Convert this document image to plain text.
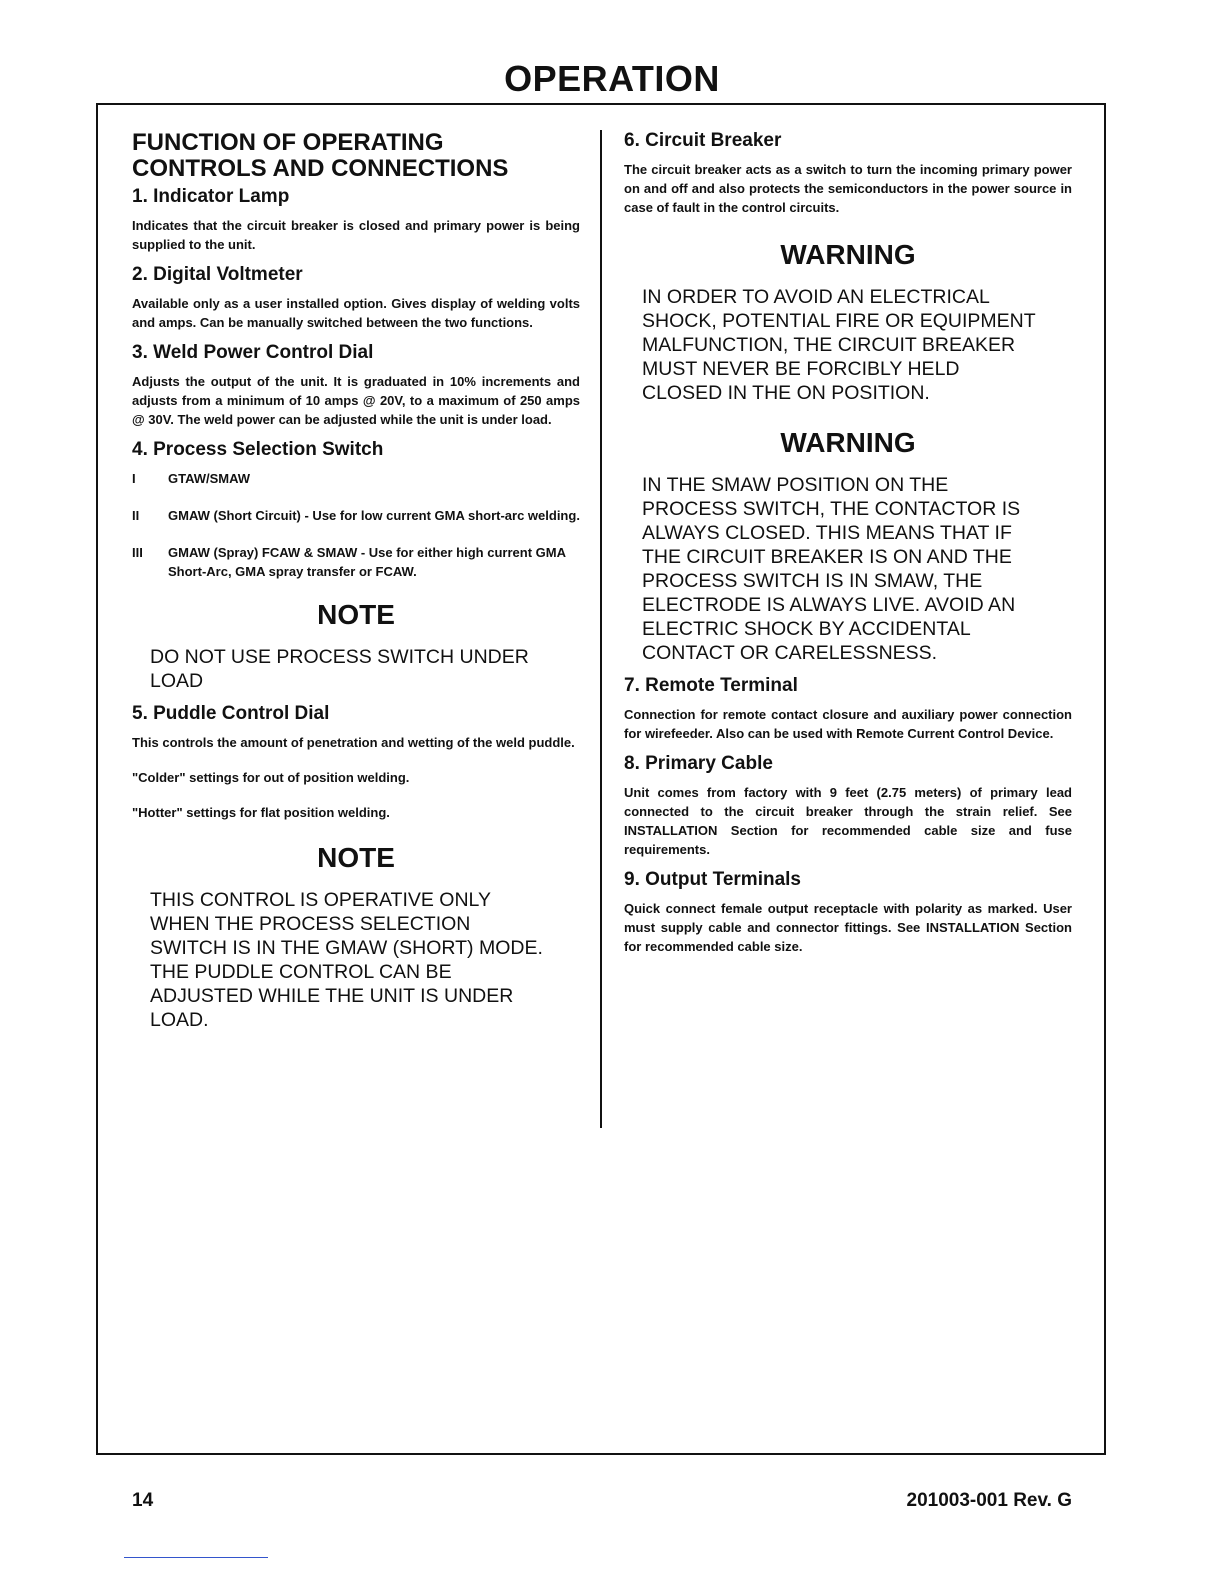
OPERATION
FUNCTION OF OPERATING CONTROLS AND CONNECTIONS
1. Indicator Lamp

Indicates that the circuit breaker is closed and primary power is being supplied to the unit.

2. Digital Voltmeter

Available only as a user installed option. Gives display of welding volts and amps. Can be manually switched between the two functions.

3. Weld Power Control Dial

Adjusts the output of the unit. It is graduated in 10% increments and adjusts from a minimum of 10 amps @ 20V, to a maximum of 250 amps @ 30V. The weld power can be adjusted while the unit is under load.

4. Process Selection Switch
I	GTAW/SMAW
II	GMAW (Short Circuit) - Use for low current GMA short-arc welding.
III	GMAW (Spray) FCAW & SMAW - Use for either high current GMA Short-Arc, GMA spray transfer or FCAW.
NOTE
DO NOT USE PROCESS SWITCH UNDER
LOAD
5. Puddle Control Dial

This controls the amount of penetration and wetting of the weld puddle.

"Colder" settings for out of position welding.

"Hotter" settings for flat position welding.

NOTE
THIS CONTROL IS OPERATIVE ONLY
WHEN THE PROCESS SELECTION
SWITCH IS IN THE GMAW (SHORT) MODE.
THE PUDDLE CONTROL CAN BE
ADJUSTED WHILE THE UNIT IS UNDER
LOAD.
6. Circuit Breaker

The circuit breaker acts as a switch to turn the incoming primary power on and off and also protects the semiconductors in the power source in case of fault in the control circuits.

WARNING
IN ORDER TO AVOID AN ELECTRICAL
SHOCK, POTENTIAL FIRE OR EQUIPMENT
MALFUNCTION, THE CIRCUIT BREAKER
MUST NEVER BE FORCIBLY HELD
CLOSED IN THE ON POSITION.
WARNING
IN THE SMAW POSITION ON THE
PROCESS SWITCH, THE CONTACTOR IS
ALWAYS CLOSED. THIS MEANS THAT IF
THE CIRCUIT BREAKER IS ON AND THE
PROCESS SWITCH IS IN SMAW, THE
ELECTRODE IS ALWAYS LIVE. AVOID AN
ELECTRIC SHOCK BY ACCIDENTAL
CONTACT OR CARELESSNESS.
7. Remote Terminal

Connection for remote contact closure and auxiliary power connection for wirefeeder. Also can be used with Remote Current Control Device.

8. Primary Cable

Unit comes from factory with 9 feet (2.75 meters) of primary lead connected to the circuit breaker through the strain relief. See INSTALLATION Section for recommended cable size and fuse requirements.

9. Output Terminals

Quick connect female output receptacle with polarity as marked. User must supply cable and connector fittings. See INSTALLATION Section for recommended cable size.

14	201003-001 Rev. G
